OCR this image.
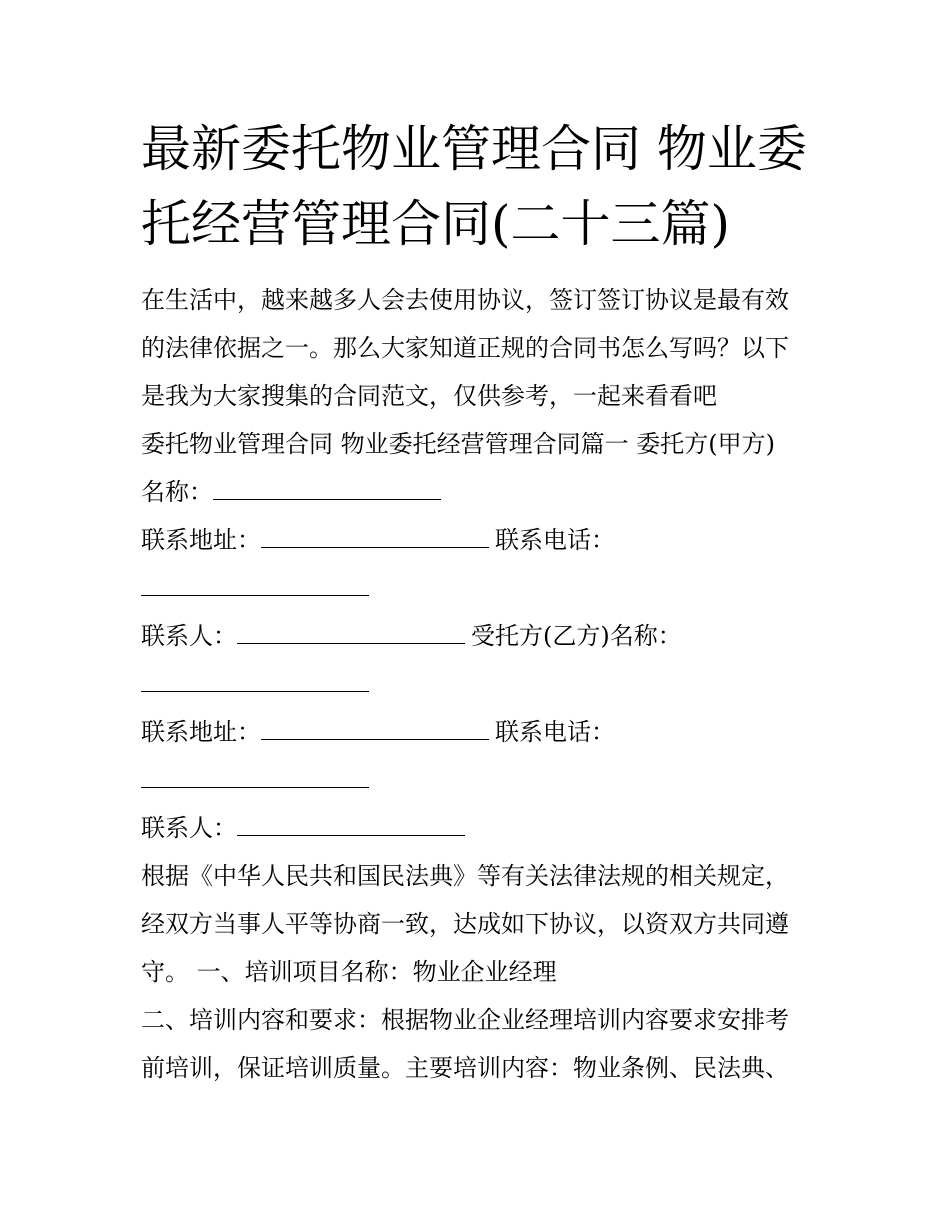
最新委托物业管理合同 物业委托经营管理合同(二十三篇)
在生活中，越来越多人会去使用协议，签订签订协议是最有效
的法律依据之一。那么大家知道正规的合同书怎么写吗？以下
是我为大家搜集的合同范文，仅供参考，一起来看看吧
委托物业管理合同 物业委托经营管理合同篇一 委托方(甲方)
名称：
联系地址：	联系电话：
联系人：	受托方(乙方)名称：
联系地址：	联系电话：
联系人：
根据《中华人民共和国民法典》等有关法律法规的相关规定，
经双方当事人平等协商一致，达成如下协议，以资双方共同遵
守。 一、培训项目名称：物业企业经理
二、培训内容和要求：根据物业企业经理培训内容要求安排考
前培训，保证培训质量。主要培训内容：物业条例、民法典、
